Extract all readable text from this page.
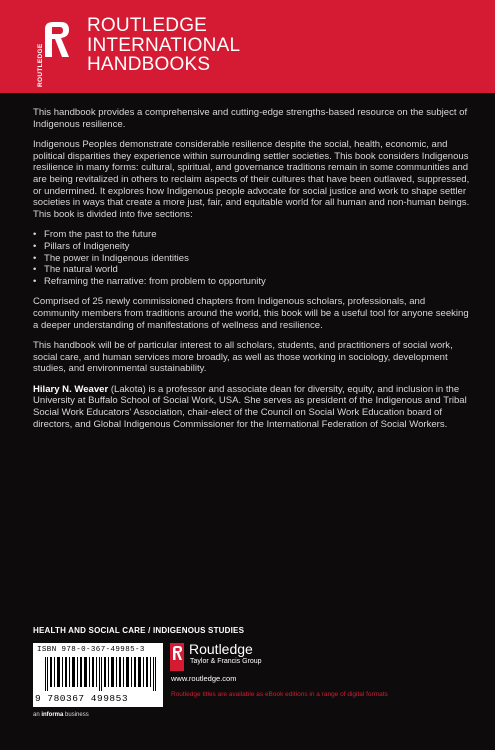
ROUTLEDGE
ROUTLEDGE
INTERNATIONAL
HANDBOOKS

This handbook provides a comprehensive and cutting-edge strengths-based resource on the subject of Indigenous resilience.

Indigenous Peoples demonstrate considerable resilience despite the social, health, economic, and political disparities they experience within surrounding settler societies. This book considers Indigenous resilience in many forms: cultural, spiritual, and governance traditions remain in some communities and are being revitalized in others to reclaim aspects of their cultures that have been outlawed, suppressed, or undermined. It explores how Indigenous people advocate for social justice and work to shape settler societies in ways that create a more just, fair, and equitable world for all human and non-human beings. This book is divided into five sections:

• From the past to the future
• Pillars of Indigeneity
• The power in Indigenous identities
• The natural world
• Reframing the narrative: from problem to opportunity

Comprised of 25 newly commissioned chapters from Indigenous scholars, professionals, and community members from traditions around the world, this book will be a useful tool for anyone seeking a deeper understanding of manifestations of wellness and resilience.

This handbook will be of particular interest to all scholars, students, and practitioners of social work, social care, and human services more broadly, as well as those working in sociology, development studies, and environmental sustainability.

Hilary N. Weaver (Lakota) is a professor and associate dean for diversity, equity, and inclusion in the University at Buffalo School of Social Work, USA. She serves as president of the Indigenous and Tribal Social Work Educators' Association, chair-elect of the Council on Social Work Education board of directors, and Global Indigenous Commissioner for the International Federation of Social Workers.

HEALTH AND SOCIAL CARE / INDIGENOUS STUDIES
ISBN 978-0-367-49985-3
9 780367 499853
an informa business
Routledge
Taylor & Francis Group
www.routledge.com
Routledge titles are available as eBook editions in a range of digital formats
